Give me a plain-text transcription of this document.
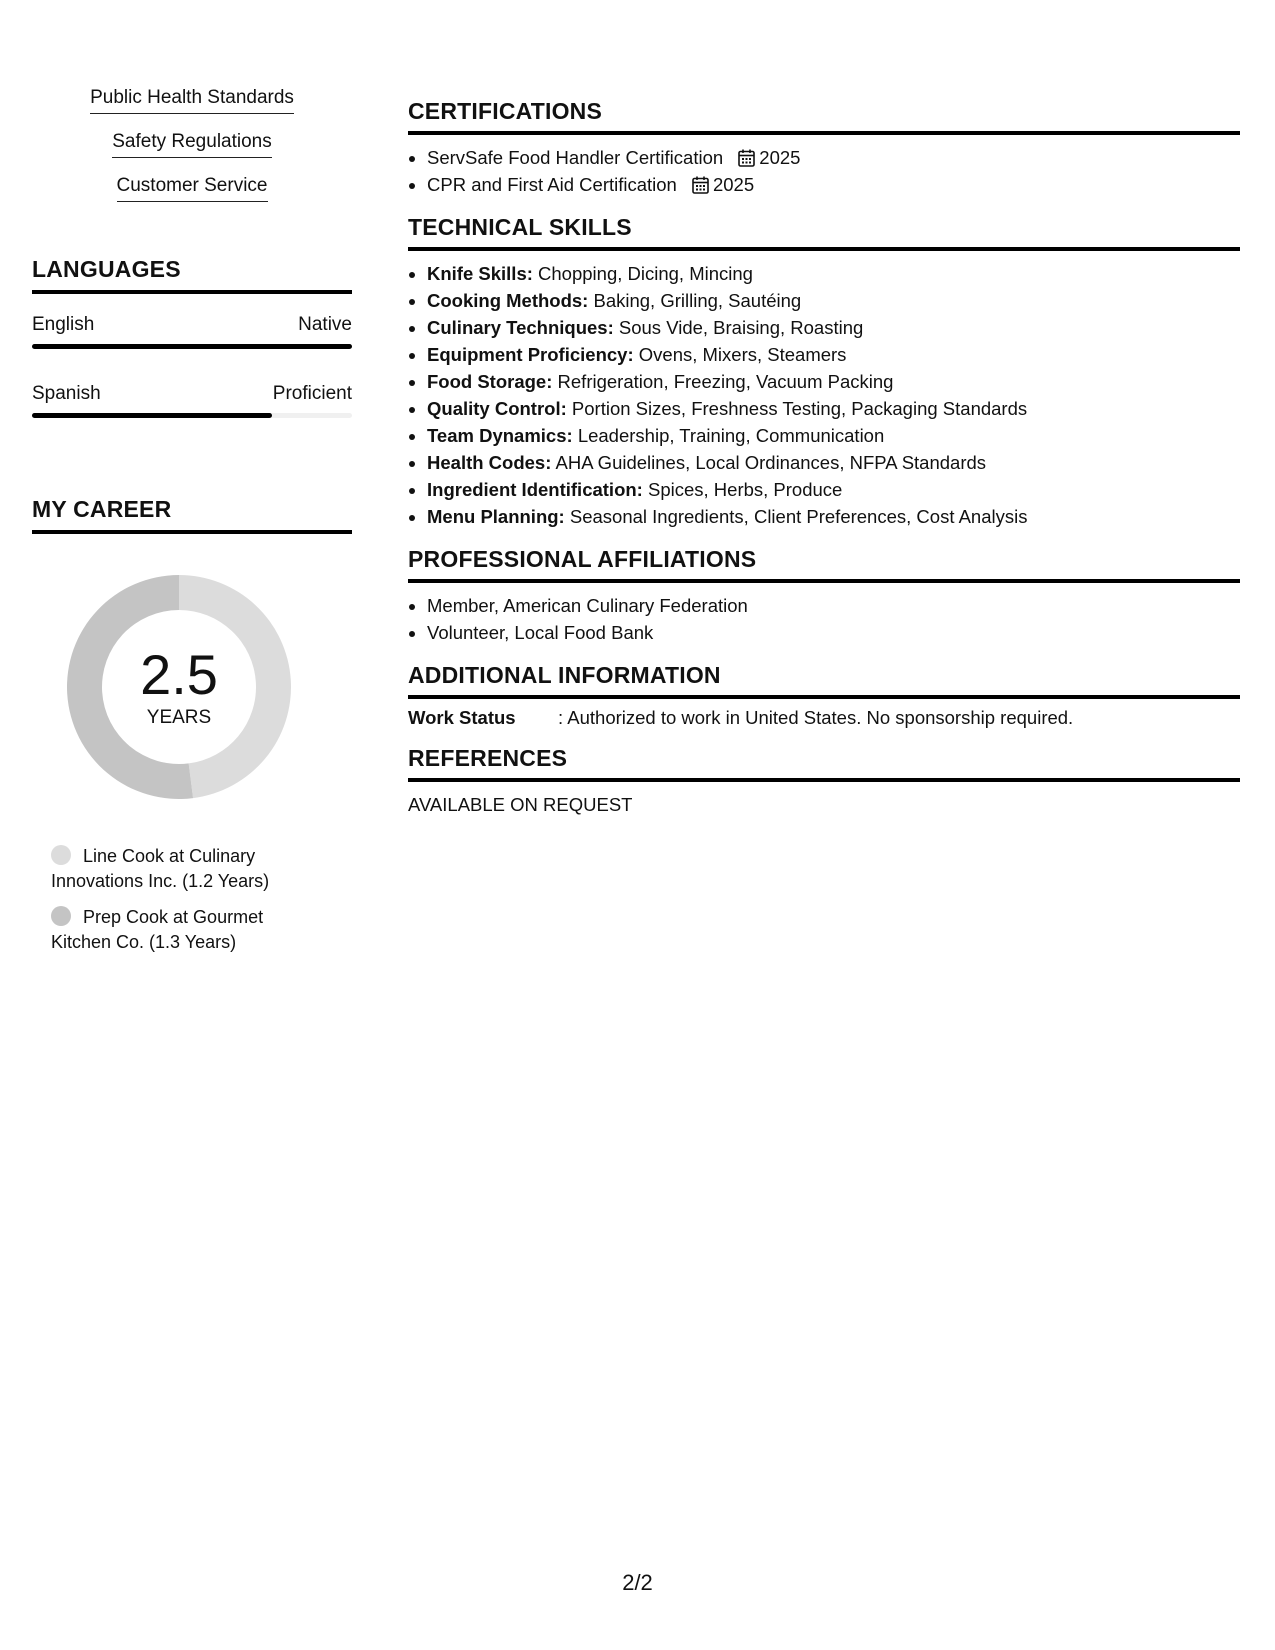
Public Health Standards
Safety Regulations
Customer Service
LANGUAGES
English	Native
Spanish	Proficient
MY CAREER
2.5
YEARS
Line Cook at Culinary Innovations Inc. (1.2 Years)
Prep Cook at Gourmet Kitchen Co. (1.3 Years)
CERTIFICATIONS
• ServSafe Food Handler Certification 2025
• CPR and First Aid Certification 2025
TECHNICAL SKILLS
• Knife Skills: Chopping, Dicing, Mincing
• Cooking Methods: Baking, Grilling, Sautéing
• Culinary Techniques: Sous Vide, Braising, Roasting
• Equipment Proficiency: Ovens, Mixers, Steamers
• Food Storage: Refrigeration, Freezing, Vacuum Packing
• Quality Control: Portion Sizes, Freshness Testing, Packaging Standards
• Team Dynamics: Leadership, Training, Communication
• Health Codes: AHA Guidelines, Local Ordinances, NFPA Standards
• Ingredient Identification: Spices, Herbs, Produce
• Menu Planning: Seasonal Ingredients, Client Preferences, Cost Analysis
PROFESSIONAL AFFILIATIONS
• Member, American Culinary Federation
• Volunteer, Local Food Bank
ADDITIONAL INFORMATION
Work Status	: Authorized to work in United States. No sponsorship required.
REFERENCES
AVAILABLE ON REQUEST
2/2
